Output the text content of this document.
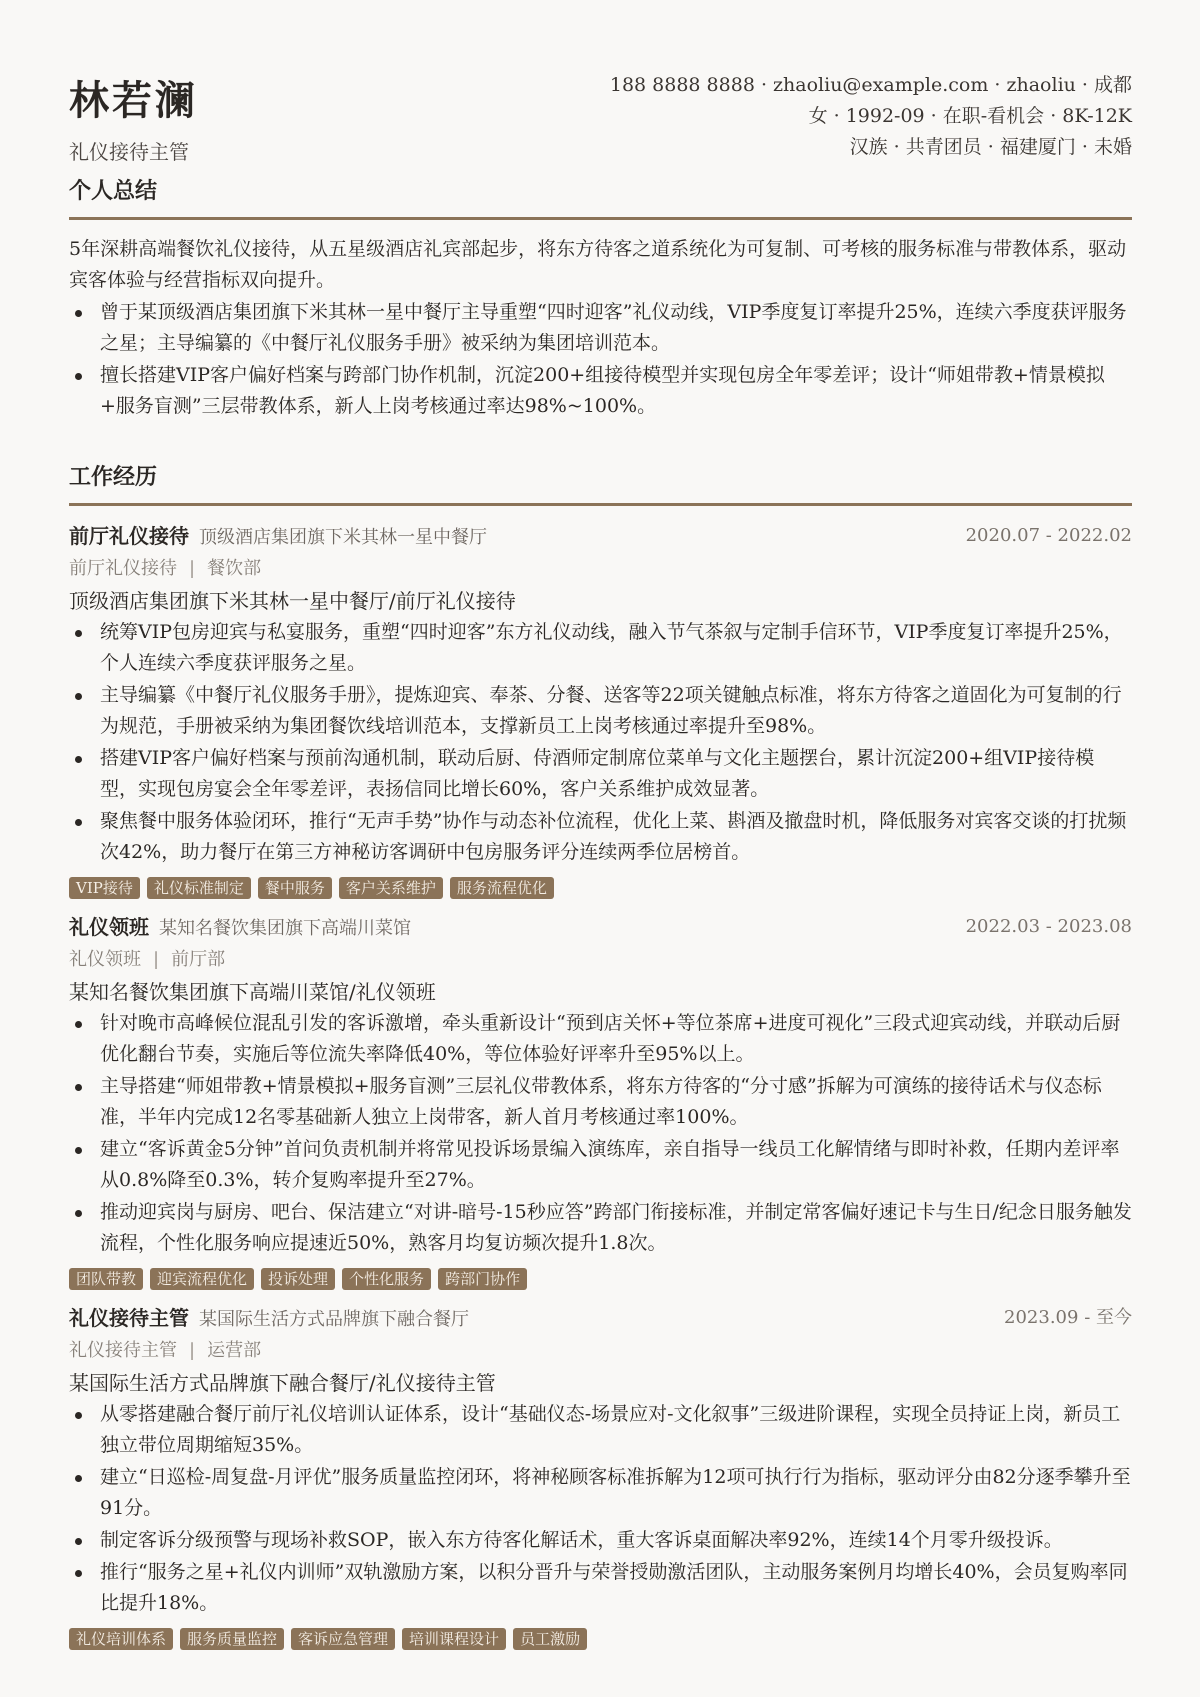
林若澜
礼仪接待主管
188 8888 8888 · zhaoliu@example.com · zhaoliu · 成都
女 · 1992-09 · 在职-看机会 · 8K-12K
汉族 · 共青团员 · 福建厦门 · 未婚
个人总结

5年深耕高端餐饮礼仪接待，从五星级酒店礼宾部起步，将东方待客之道系统化为可复制、可考核的服务标准与带教体系，驱动宾客体验与经营指标双向提升。

曾于某顶级酒店集团旗下米其林一星中餐厅主导重塑“四时迎客”礼仪动线，VIP季度复订率提升25%，连续六季度获评服务之星；主导编纂的《中餐厅礼仪服务手册》被采纳为集团培训范本。
擅长搭建VIP客户偏好档案与跨部门协作机制，沉淀200+组接待模型并实现包房全年零差评；设计“师姐带教+情景模拟+服务盲测”三层带教体系，新人上岗考核通过率达98%~100%。
工作经历
前厅礼仪接待 顶级酒店集团旗下米其林一星中餐厅	2020.07 - 2022.02
前厅礼仪接待 | 餐饮部
顶级酒店集团旗下米其林一星中餐厅/前厅礼仪接待
统筹VIP包房迎宾与私宴服务，重塑“四时迎客”东方礼仪动线，融入节气茶叙与定制手信环节，VIP季度复订率提升25%，个人连续六季度获评服务之星。
主导编纂《中餐厅礼仪服务手册》，提炼迎宾、奉茶、分餐、送客等22项关键触点标准，将东方待客之道固化为可复制的行为规范，手册被采纳为集团餐饮线培训范本，支撑新员工上岗考核通过率提升至98%。
搭建VIP客户偏好档案与预前沟通机制，联动后厨、侍酒师定制席位菜单与文化主题摆台，累计沉淀200+组VIP接待模型，实现包房宴会全年零差评，表扬信同比增长60%，客户关系维护成效显著。
聚焦餐中服务体验闭环，推行“无声手势”协作与动态补位流程，优化上菜、斟酒及撤盘时机，降低服务对宾客交谈的打扰频次42%，助力餐厅在第三方神秘访客调研中包房服务评分连续两季位居榜首。
VIP接待	礼仪标准制定	餐中服务	客户关系维护	服务流程优化
礼仪领班 某知名餐饮集团旗下高端川菜馆	2022.03 - 2023.08
礼仪领班 | 前厅部
某知名餐饮集团旗下高端川菜馆/礼仪领班
针对晚市高峰候位混乱引发的客诉激增，牵头重新设计“预到店关怀+等位茶席+进度可视化”三段式迎宾动线，并联动后厨优化翻台节奏，实施后等位流失率降低40%，等位体验好评率升至95%以上。
主导搭建“师姐带教+情景模拟+服务盲测”三层礼仪带教体系，将东方待客的“分寸感”拆解为可演练的接待话术与仪态标准，半年内完成12名零基础新人独立上岗带客，新人首月考核通过率100%。
建立“客诉黄金5分钟”首问负责机制并将常见投诉场景编入演练库，亲自指导一线员工化解情绪与即时补救，任期内差评率从0.8%降至0.3%，转介复购率提升至27%。
推动迎宾岗与厨房、吧台、保洁建立“对讲-暗号-15秒应答”跨部门衔接标准，并制定常客偏好速记卡与生日/纪念日服务触发流程，个性化服务响应提速近50%，熟客月均复访频次提升1.8次。
团队带教	迎宾流程优化	投诉处理	个性化服务	跨部门协作
礼仪接待主管 某国际生活方式品牌旗下融合餐厅	2023.09 - 至今
礼仪接待主管 | 运营部
某国际生活方式品牌旗下融合餐厅/礼仪接待主管
从零搭建融合餐厅前厅礼仪培训认证体系，设计“基础仪态-场景应对-文化叙事”三级进阶课程，实现全员持证上岗，新员工独立带位周期缩短35%。
建立“日巡检-周复盘-月评优”服务质量监控闭环，将神秘顾客标准拆解为12项可执行行为指标，驱动评分由82分逐季攀升至91分。
制定客诉分级预警与现场补救SOP，嵌入东方待客化解话术，重大客诉桌面解决率92%，连续14个月零升级投诉。
推行“服务之星+礼仪内训师”双轨激励方案，以积分晋升与荣誉授勋激活团队，主动服务案例月均增长40%，会员复购率同比提升18%。
礼仪培训体系	服务质量监控	客诉应急管理	培训课程设计	员工激励
